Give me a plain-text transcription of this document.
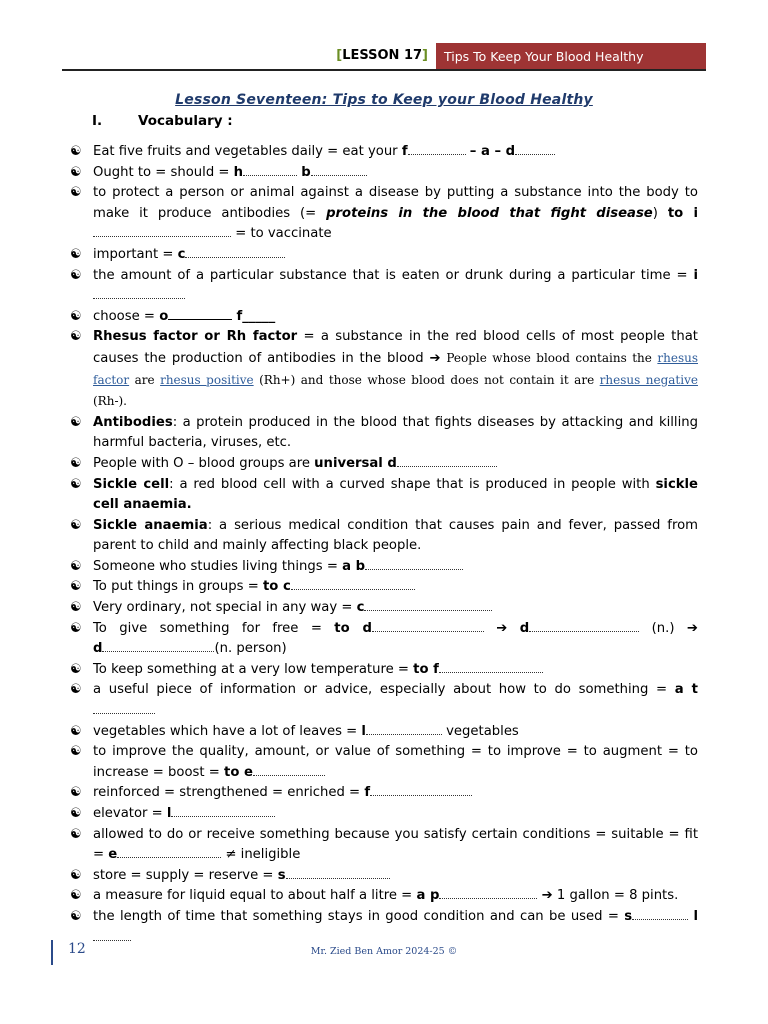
[LESSON 17]	Tips To Keep Your Blood Healthy
Lesson Seventeen: Tips to Keep your Blood Healthy
I.	Vocabulary :
☯ Eat five fruits and vegetables daily = eat your f	– a – d
☯ Ought to = should = h	b
☯ to protect a person or animal against a disease by putting a substance into the body to make it produce antibodies (= proteins in the blood that fight disease) to i = to vaccinate
☯ important = c
☯ the amount of a particular substance that is eaten or drunk during a particular time = i
☯ choose = o	f_____
☯ Rhesus factor or Rh factor = a substance in the red blood cells of most people that causes the production of antibodies in the blood ➔ People whose blood contains the rhesus factor are rhesus positive (Rh+) and those whose blood does not contain it are rhesus negative (Rh-).
☯ Antibodies: a protein produced in the blood that fights diseases by attacking and killing harmful bacteria, viruses, etc.
☯ People with O – blood groups are universal d
☯ Sickle cell: a red blood cell with a curved shape that is produced in people with sickle cell anaemia.
☯ Sickle anaemia: a serious medical condition that causes pain and fever, passed from parent to child and mainly affecting black people.
☯ Someone who studies living things = a b
☯ To put things in groups = to c
☯ Very ordinary, not special in any way = c
☯ To give something for free = to d	➔ d	(n.) ➔ d	(n. person)
☯ To keep something at a very low temperature = to f
☯ a useful piece of information or advice, especially about how to do something = a t
☯ vegetables which have a lot of leaves = l	vegetables
☯ to improve the quality, amount, or value of something = to improve = to augment = to increase = boost = to e
☯ reinforced = strengthened = enriched = f
☯ elevator = l
☯ allowed to do or receive something because you satisfy certain conditions = suitable = fit = e	≠ ineligible
☯ store = supply = reserve = s
☯ a measure for liquid equal to about half a litre = a p	➔ 1 gallon = 8 pints.
☯ the length of time that something stays in good condition and can be used = s	l
12	Mr. Zied Ben Amor 2024-25 ©
